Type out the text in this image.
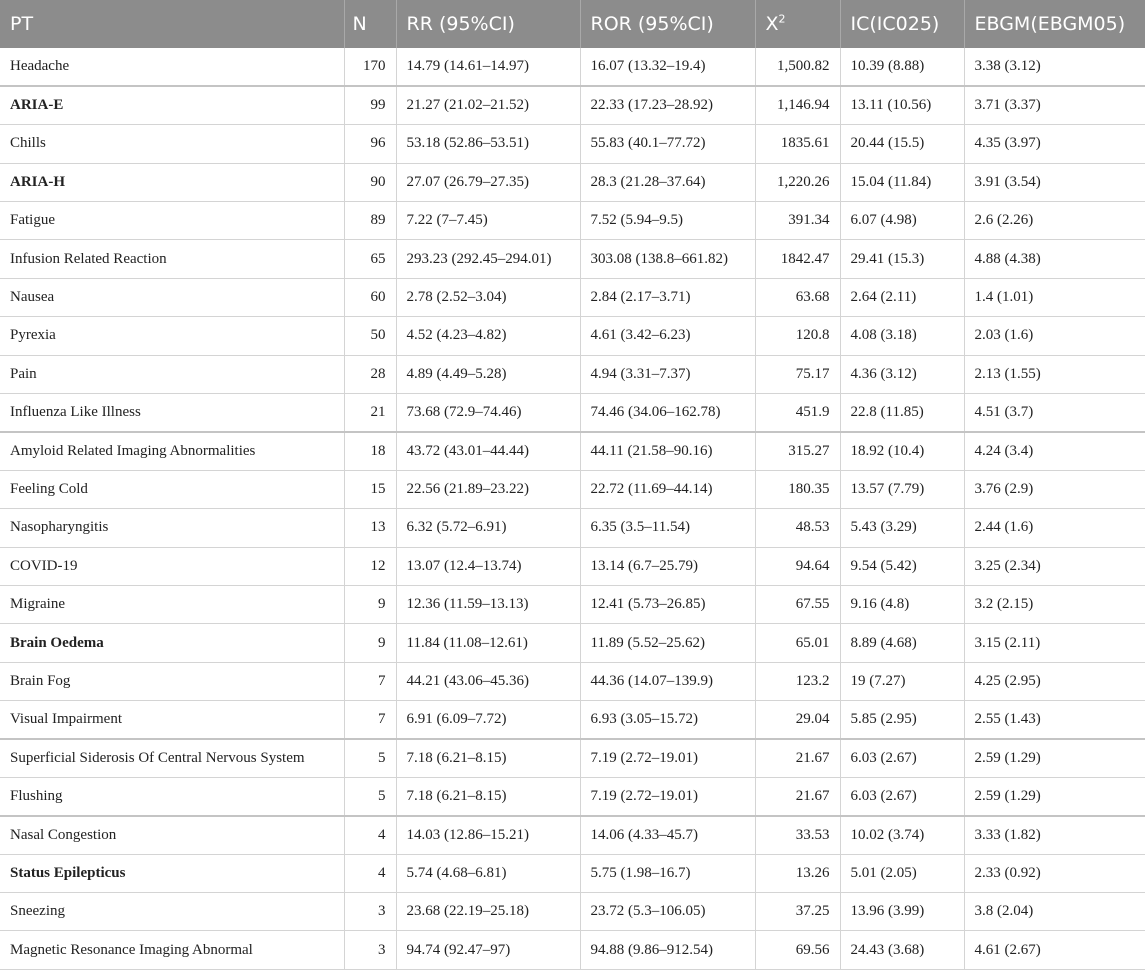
PT	N	RR (95%CI)	ROR (95%CI)	$X^2$	IC(IC025)	EBGM(EBGM05)
Headache	170	14.79 (14.61–14.97)	16.07 (13.32–19.4)	1,500.82	10.39 (8.88)	3.38 (3.12)
ARIA-E	99	21.27 (21.02–21.52)	22.33 (17.23–28.92)	1,146.94	13.11 (10.56)	3.71 (3.37)
Chills	96	53.18 (52.86–53.51)	55.83 (40.1–77.72)	1835.61	20.44 (15.5)	4.35 (3.97)
ARIA-H	90	27.07 (26.79–27.35)	28.3 (21.28–37.64)	1,220.26	15.04 (11.84)	3.91 (3.54)
Fatigue	89	7.22 (7–7.45)	7.52 (5.94–9.5)	391.34	6.07 (4.98)	2.6 (2.26)
Infusion Related Reaction	65	293.23 (292.45–294.01)	303.08 (138.8–661.82)	1842.47	29.41 (15.3)	4.88 (4.38)
Nausea	60	2.78 (2.52–3.04)	2.84 (2.17–3.71)	63.68	2.64 (2.11)	1.4 (1.01)
Pyrexia	50	4.52 (4.23–4.82)	4.61 (3.42–6.23)	120.8	4.08 (3.18)	2.03 (1.6)
Pain	28	4.89 (4.49–5.28)	4.94 (3.31–7.37)	75.17	4.36 (3.12)	2.13 (1.55)
Influenza Like Illness	21	73.68 (72.9–74.46)	74.46 (34.06–162.78)	451.9	22.8 (11.85)	4.51 (3.7)
Amyloid Related Imaging Abnormalities	18	43.72 (43.01–44.44)	44.11 (21.58–90.16)	315.27	18.92 (10.4)	4.24 (3.4)
Feeling Cold	15	22.56 (21.89–23.22)	22.72 (11.69–44.14)	180.35	13.57 (7.79)	3.76 (2.9)
Nasopharyngitis	13	6.32 (5.72–6.91)	6.35 (3.5–11.54)	48.53	5.43 (3.29)	2.44 (1.6)
COVID-19	12	13.07 (12.4–13.74)	13.14 (6.7–25.79)	94.64	9.54 (5.42)	3.25 (2.34)
Migraine	9	12.36 (11.59–13.13)	12.41 (5.73–26.85)	67.55	9.16 (4.8)	3.2 (2.15)
Brain Oedema	9	11.84 (11.08–12.61)	11.89 (5.52–25.62)	65.01	8.89 (4.68)	3.15 (2.11)
Brain Fog	7	44.21 (43.06–45.36)	44.36 (14.07–139.9)	123.2	19 (7.27)	4.25 (2.95)
Visual Impairment	7	6.91 (6.09–7.72)	6.93 (3.05–15.72)	29.04	5.85 (2.95)	2.55 (1.43)
Superficial Siderosis Of Central Nervous System	5	7.18 (6.21–8.15)	7.19 (2.72–19.01)	21.67	6.03 (2.67)	2.59 (1.29)
Flushing	5	7.18 (6.21–8.15)	7.19 (2.72–19.01)	21.67	6.03 (2.67)	2.59 (1.29)
Nasal Congestion	4	14.03 (12.86–15.21)	14.06 (4.33–45.7)	33.53	10.02 (3.74)	3.33 (1.82)
Status Epilepticus	4	5.74 (4.68–6.81)	5.75 (1.98–16.7)	13.26	5.01 (2.05)	2.33 (0.92)
Sneezing	3	23.68 (22.19–25.18)	23.72 (5.3–106.05)	37.25	13.96 (3.99)	3.8 (2.04)
Magnetic Resonance Imaging Abnormal	3	94.74 (92.47–97)	94.88 (9.86–912.54)	69.56	24.43 (3.68)	4.61 (2.67)
